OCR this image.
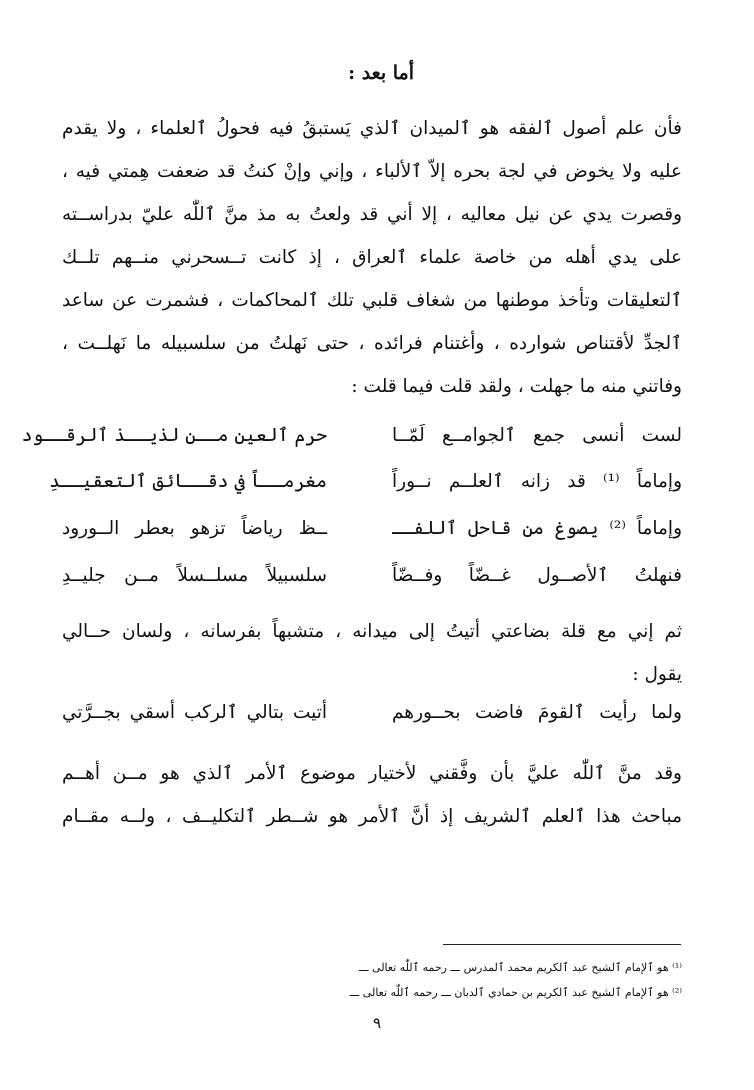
أما بعد :
فأن علم أصول ٱلفقه هو ٱلميدان ٱلذي يَستبقُ فيه فحولُ ٱلعلماء ، ولا يقدم
عليه ولا يخوض في لجة بحره إلاّ ٱلألباء ، وإني وإنْ كنتُ قد ضعفت هِمتي فيه ،
وقصرت يدي عن نيل معاليه ، إلا أني قد ولعتُ به مذ منَّ ٱللّٰه عليّ بدراســته
على يدي أهله من خاصة علماء ٱلعراق ، إذ كانت تــسحرني منــهم تلــك
ٱلتعليقات وتأخذ موطنها من شغاف قلبي تلك ٱلمحاكمات ، فشمرت عن ساعد
ٱلجدِّ لأقتناص شوارده ، وأغتنام فرائده ، حتى نَهلتُ من سلسبيله ما نَهلــت ،
وفاتني منه ما جهلت ، ولقد قلت فيما قلت :
لست أنسى جمع ٱلجوامــع لَمّــا
حرم ٱلعين مــن لذيــذ ٱلرقــود
وإماماً ⁽¹⁾ قد زانه ٱلعلــم نــوراً
مغرمــاً في دقــائق ٱلتعقيــدِ
وإماماً ⁽²⁾ يصوغ من قاحل ٱللفــ
ــظ رياضاً تزهو بعطر الــورود
فنهلتُ ٱلأصــول غــضّاً وفــضّاً
سلسبيلاً مسلــسلاً مــن جليــدِ
ثم إني مع قلة بضاعتي أتيتُ إلى ميدانه ، متشبهاً بفرسانه ، ولسان حــالي
يقول :
ولما رأيت ٱلقومَ فاضت بحــورهم
أتيت بتالي ٱلركب أسقي بجــرَّتي
وقد منَّ ٱللّٰه عليَّ بأن وفَّقني لأختيار موضوع ٱلأمر ٱلذي هو مــن أهــم
مباحث هذا ٱلعلم ٱلشريف إذ أنَّ ٱلأمر هو شــطر ٱلتكليــف ، ولــه مقــام
⁽¹⁾ هو ٱلإمام ٱلشيخ عبد ٱلكريم محمد ٱلمدرس ـــ رحمه ٱللّٰه تعالى ـــ
⁽²⁾ هو ٱلإمام ٱلشيخ عبد ٱلكريم بن حمادي ٱلدبان ـــ رحمه ٱللّٰه تعالى ـــ
٩
